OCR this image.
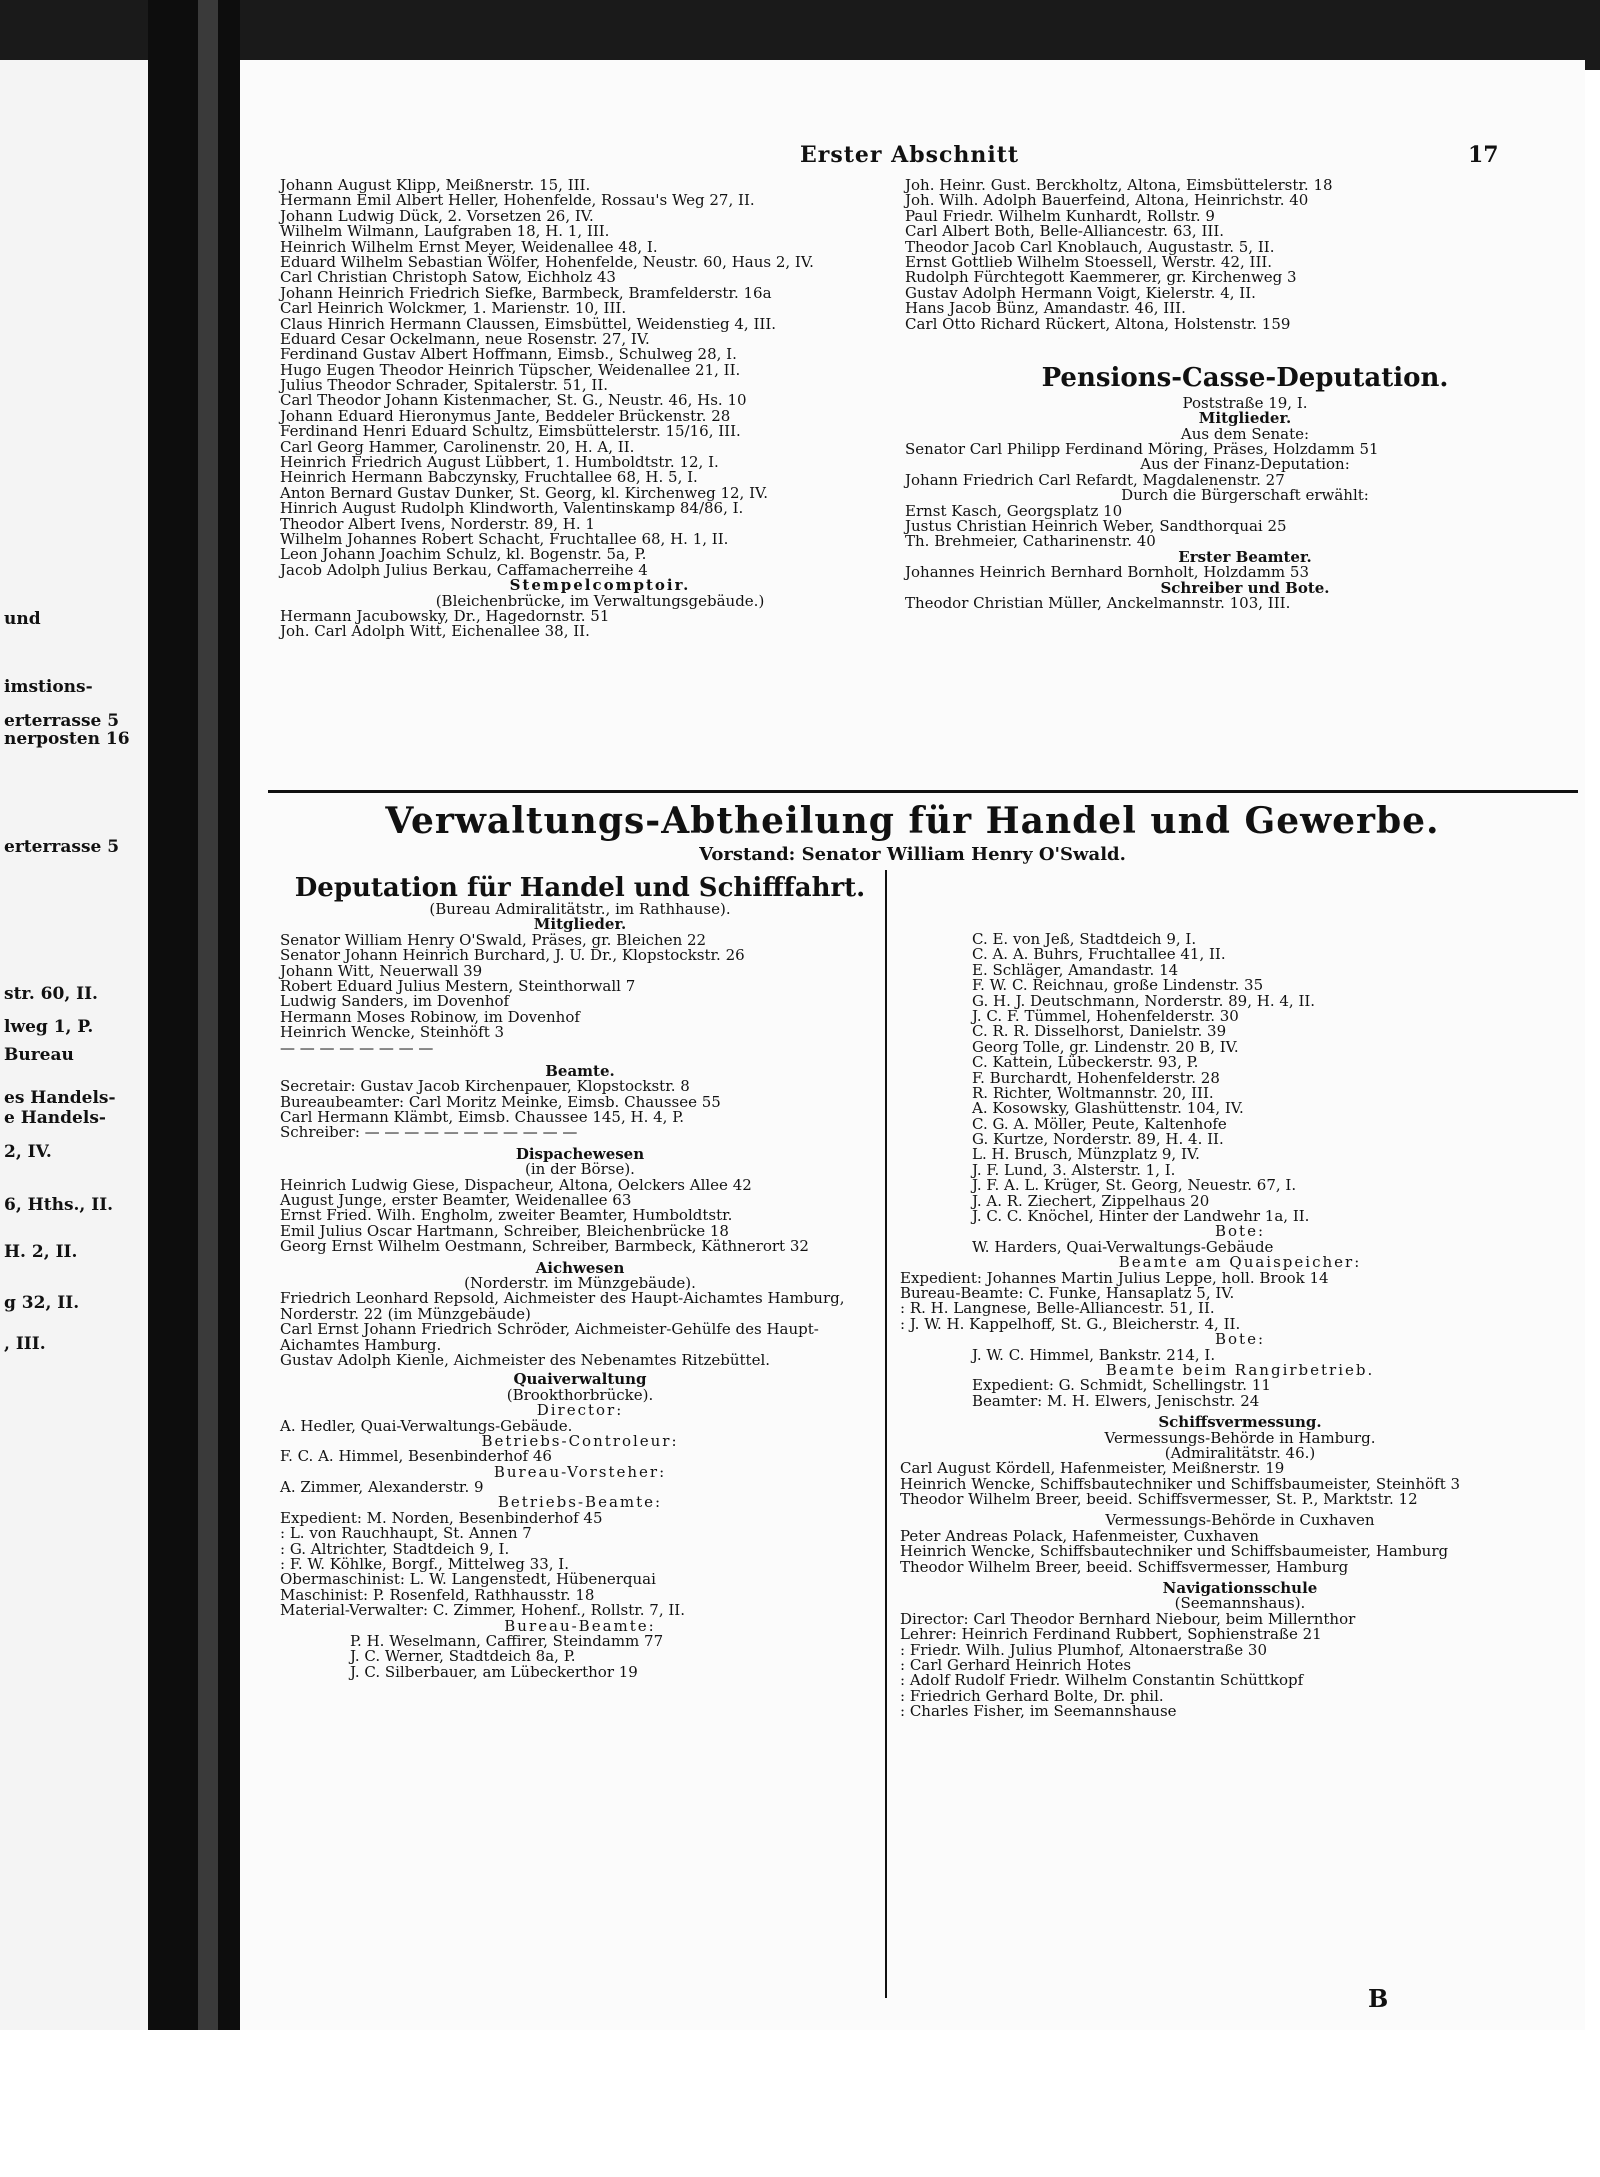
und
imstions-
erterrasse 5
nerposten 16
erterrasse 5
str. 60, II.
lweg 1, P.
Bureau
es Handels-
e Handels-
2, IV.
6, Hths., II.
H. 2, II.
g 32, II.
, III.
Erster Abschnitt	17
Johann August Klipp, Meißnerstr. 15, III.
Hermann Emil Albert Heller, Hohenfelde, Rossau's Weg 27, II.
Johann Ludwig Dück, 2. Vorsetzen 26, IV.
Wilhelm Wilmann, Laufgraben 18, H. 1, III.
Heinrich Wilhelm Ernst Meyer, Weidenallee 48, I.
Eduard Wilhelm Sebastian Wölfer, Hohenfelde, Neustr. 60, Haus 2, IV.
Carl Christian Christoph Satow, Eichholz 43
Johann Heinrich Friedrich Siefke, Barmbeck, Bramfelderstr. 16a
Carl Heinrich Wolckmer, 1. Marienstr. 10, III.
Claus Hinrich Hermann Claussen, Eimsbüttel, Weidenstieg 4, III.
Eduard Cesar Ockelmann, neue Rosenstr. 27, IV.
Ferdinand Gustav Albert Hoffmann, Eimsb., Schulweg 28, I.
Hugo Eugen Theodor Heinrich Tüpscher, Weidenallee 21, II.
Julius Theodor Schrader, Spitalerstr. 51, II.
Carl Theodor Johann Kistenmacher, St. G., Neustr. 46, Hs. 10
Johann Eduard Hieronymus Jante, Beddeler Brückenstr. 28
Ferdinand Henri Eduard Schultz, Eimsbüttelerstr. 15/16, III.
Carl Georg Hammer, Carolinenstr. 20, H. A, II.
Heinrich Friedrich August Lübbert, 1. Humboldtstr. 12, I.
Heinrich Hermann Babczynsky, Fruchtallee 68, H. 5, I.
Anton Bernard Gustav Dunker, St. Georg, kl. Kirchenweg 12, IV.
Hinrich August Rudolph Klindworth, Valentinskamp 84/86, I.
Theodor Albert Ivens, Norderstr. 89, H. 1
Wilhelm Johannes Robert Schacht, Fruchtallee 68, H. 1, II.
Leon Johann Joachim Schulz, kl. Bogenstr. 5a, P.
Jacob Adolph Julius Berkau, Caffamacherreihe 4
Stempelcomptoir.
(Bleichenbrücke, im Verwaltungsgebäude.)
Hermann Jacubowsky, Dr., Hagedornstr. 51
Joh. Carl Adolph Witt, Eichenallee 38, II.
Joh. Heinr. Gust. Berckholtz, Altona, Eimsbüttelerstr. 18
Joh. Wilh. Adolph Bauerfeind, Altona, Heinrichstr. 40
Paul Friedr. Wilhelm Kunhardt, Rollstr. 9
Carl Albert Both, Belle-Alliancestr. 63, III.
Theodor Jacob Carl Knoblauch, Augustastr. 5, II.
Ernst Gottlieb Wilhelm Stoessell, Werstr. 42, III.
Rudolph Fürchtegott Kaemmerer, gr. Kirchenweg 3
Gustav Adolph Hermann Voigt, Kielerstr. 4, II.
Hans Jacob Bünz, Amandastr. 46, III.
Carl Otto Richard Rückert, Altona, Holstenstr. 159
Pensions-Casse-Deputation.
Poststraße 19, I.
Mitglieder.
Aus dem Senate:
Senator Carl Philipp Ferdinand Möring, Präses, Holzdamm 51
Aus der Finanz-Deputation:
Johann Friedrich Carl Refardt, Magdalenenstr. 27
Durch die Bürgerschaft erwählt:
Ernst Kasch, Georgsplatz 10
Justus Christian Heinrich Weber, Sandthorquai 25
Th. Brehmeier, Catharinenstr. 40
Erster Beamter.
Johannes Heinrich Bernhard Bornholt, Holzdamm 53
Schreiber und Bote.
Theodor Christian Müller, Anckelmannstr. 103, III.
Verwaltungs-Abtheilung für Handel und Gewerbe.
Vorstand: Senator William Henry O'Swald.
Deputation für Handel und Schifffahrt.
(Bureau Admiralitätstr., im Rathhause).
Mitglieder.
Senator William Henry O'Swald, Präses, gr. Bleichen 22
Senator Johann Heinrich Burchard, J. U. Dr., Klopstockstr. 26
Johann Witt, Neuerwall 39
Robert Eduard Julius Mestern, Steinthorwall 7
Ludwig Sanders, im Dovenhof
Hermann Moses Robinow, im Dovenhof
Heinrich Wencke, Steinhöft 3
— — — — — — — —
Beamte.
Secretair: Gustav Jacob Kirchenpauer, Klopstockstr. 8
Bureaubeamter: Carl Moritz Meinke, Eimsb. Chaussee 55
Carl Hermann Klämbt, Eimsb. Chaussee 145, H. 4, P.
Schreiber: — — — — — — — — — — —
Dispachewesen
(in der Börse).
Heinrich Ludwig Giese, Dispacheur, Altona, Oelckers Allee 42
August Junge, erster Beamter, Weidenallee 63
Ernst Fried. Wilh. Engholm, zweiter Beamter, Humboldtstr.
Emil Julius Oscar Hartmann, Schreiber, Bleichenbrücke 18
Georg Ernst Wilhelm Oestmann, Schreiber, Barmbeck, Käthnerort 32
Aichwesen
(Norderstr. im Münzgebäude).
Friedrich Leonhard Repsold, Aichmeister des Haupt-Aichamtes Hamburg,
Norderstr. 22 (im Münzgebäude)
Carl Ernst Johann Friedrich Schröder, Aichmeister-Gehülfe des Haupt-
Aichamtes Hamburg.
Gustav Adolph Kienle, Aichmeister des Nebenamtes Ritzebüttel.
Quaiverwaltung
(Brookthorbrücke).
Director:
A. Hedler, Quai-Verwaltungs-Gebäude.
Betriebs-Controleur:
F. C. A. Himmel, Besenbinderhof 46
Bureau-Vorsteher:
A. Zimmer, Alexanderstr. 9
Betriebs-Beamte:
Expedient: M. Norden, Besenbinderhof 45
: L. von Rauchhaupt, St. Annen 7
: G. Altrichter, Stadtdeich 9, I.
: F. W. Köhlke, Borgf., Mittelweg 33, I.
Obermaschinist: L. W. Langenstedt, Hübenerquai
Maschinist: P. Rosenfeld, Rathhausstr. 18
Material-Verwalter: C. Zimmer, Hohenf., Rollstr. 7, II.
Bureau-Beamte:
P. H. Weselmann, Caffirer, Steindamm 77
J. C. Werner, Stadtdeich 8a, P.
J. C. Silberbauer, am Lübeckerthor 19
C. E. von Jeß, Stadtdeich 9, I.
C. A. A. Buhrs, Fruchtallee 41, II.
E. Schläger, Amandastr. 14
F. W. C. Reichnau, große Lindenstr. 35
G. H. J. Deutschmann, Norderstr. 89, H. 4, II.
J. C. F. Tümmel, Hohenfelderstr. 30
C. R. R. Disselhorst, Danielstr. 39
Georg Tolle, gr. Lindenstr. 20 B, IV.
C. Kattein, Lübeckerstr. 93, P.
F. Burchardt, Hohenfelderstr. 28
R. Richter, Woltmannstr. 20, III.
A. Kosowsky, Glashüttenstr. 104, IV.
C. G. A. Möller, Peute, Kaltenhofe
G. Kurtze, Norderstr. 89, H. 4. II.
L. H. Brusch, Münzplatz 9, IV.
J. F. Lund, 3. Alsterstr. 1, I.
J. F. A. L. Krüger, St. Georg, Neuestr. 67, I.
J. A. R. Ziechert, Zippelhaus 20
J. C. C. Knöchel, Hinter der Landwehr 1a, II.
Bote:
W. Harders, Quai-Verwaltungs-Gebäude
Beamte am Quaispeicher:
Expedient: Johannes Martin Julius Leppe, holl. Brook 14
Bureau-Beamte: C. Funke, Hansaplatz 5, IV.
: R. H. Langnese, Belle-Alliancestr. 51, II.
: J. W. H. Kappelhoff, St. G., Bleicherstr. 4, II.
Bote:
J. W. C. Himmel, Bankstr. 214, I.
Beamte beim Rangirbetrieb.
Expedient: G. Schmidt, Schellingstr. 11
Beamter: M. H. Elwers, Jenischstr. 24
Schiffsvermessung.
Vermessungs-Behörde in Hamburg.
(Admiralitätstr. 46.)
Carl August Kördell, Hafenmeister, Meißnerstr. 19
Heinrich Wencke, Schiffsbautechniker und Schiffsbaumeister, Steinhöft 3
Theodor Wilhelm Breer, beeid. Schiffsvermesser, St. P., Marktstr. 12
Vermessungs-Behörde in Cuxhaven
Peter Andreas Polack, Hafenmeister, Cuxhaven
Heinrich Wencke, Schiffsbautechniker und Schiffsbaumeister, Hamburg
Theodor Wilhelm Breer, beeid. Schiffsvermesser, Hamburg
Navigationsschule
(Seemannshaus).
Director: Carl Theodor Bernhard Niebour, beim Millernthor
Lehrer: Heinrich Ferdinand Rubbert, Sophienstraße 21
: Friedr. Wilh. Julius Plumhof, Altonaerstraße 30
: Carl Gerhard Heinrich Hotes
: Adolf Rudolf Friedr. Wilhelm Constantin Schüttkopf
: Friedrich Gerhard Bolte, Dr. phil.
: Charles Fisher, im Seemannshause
B
